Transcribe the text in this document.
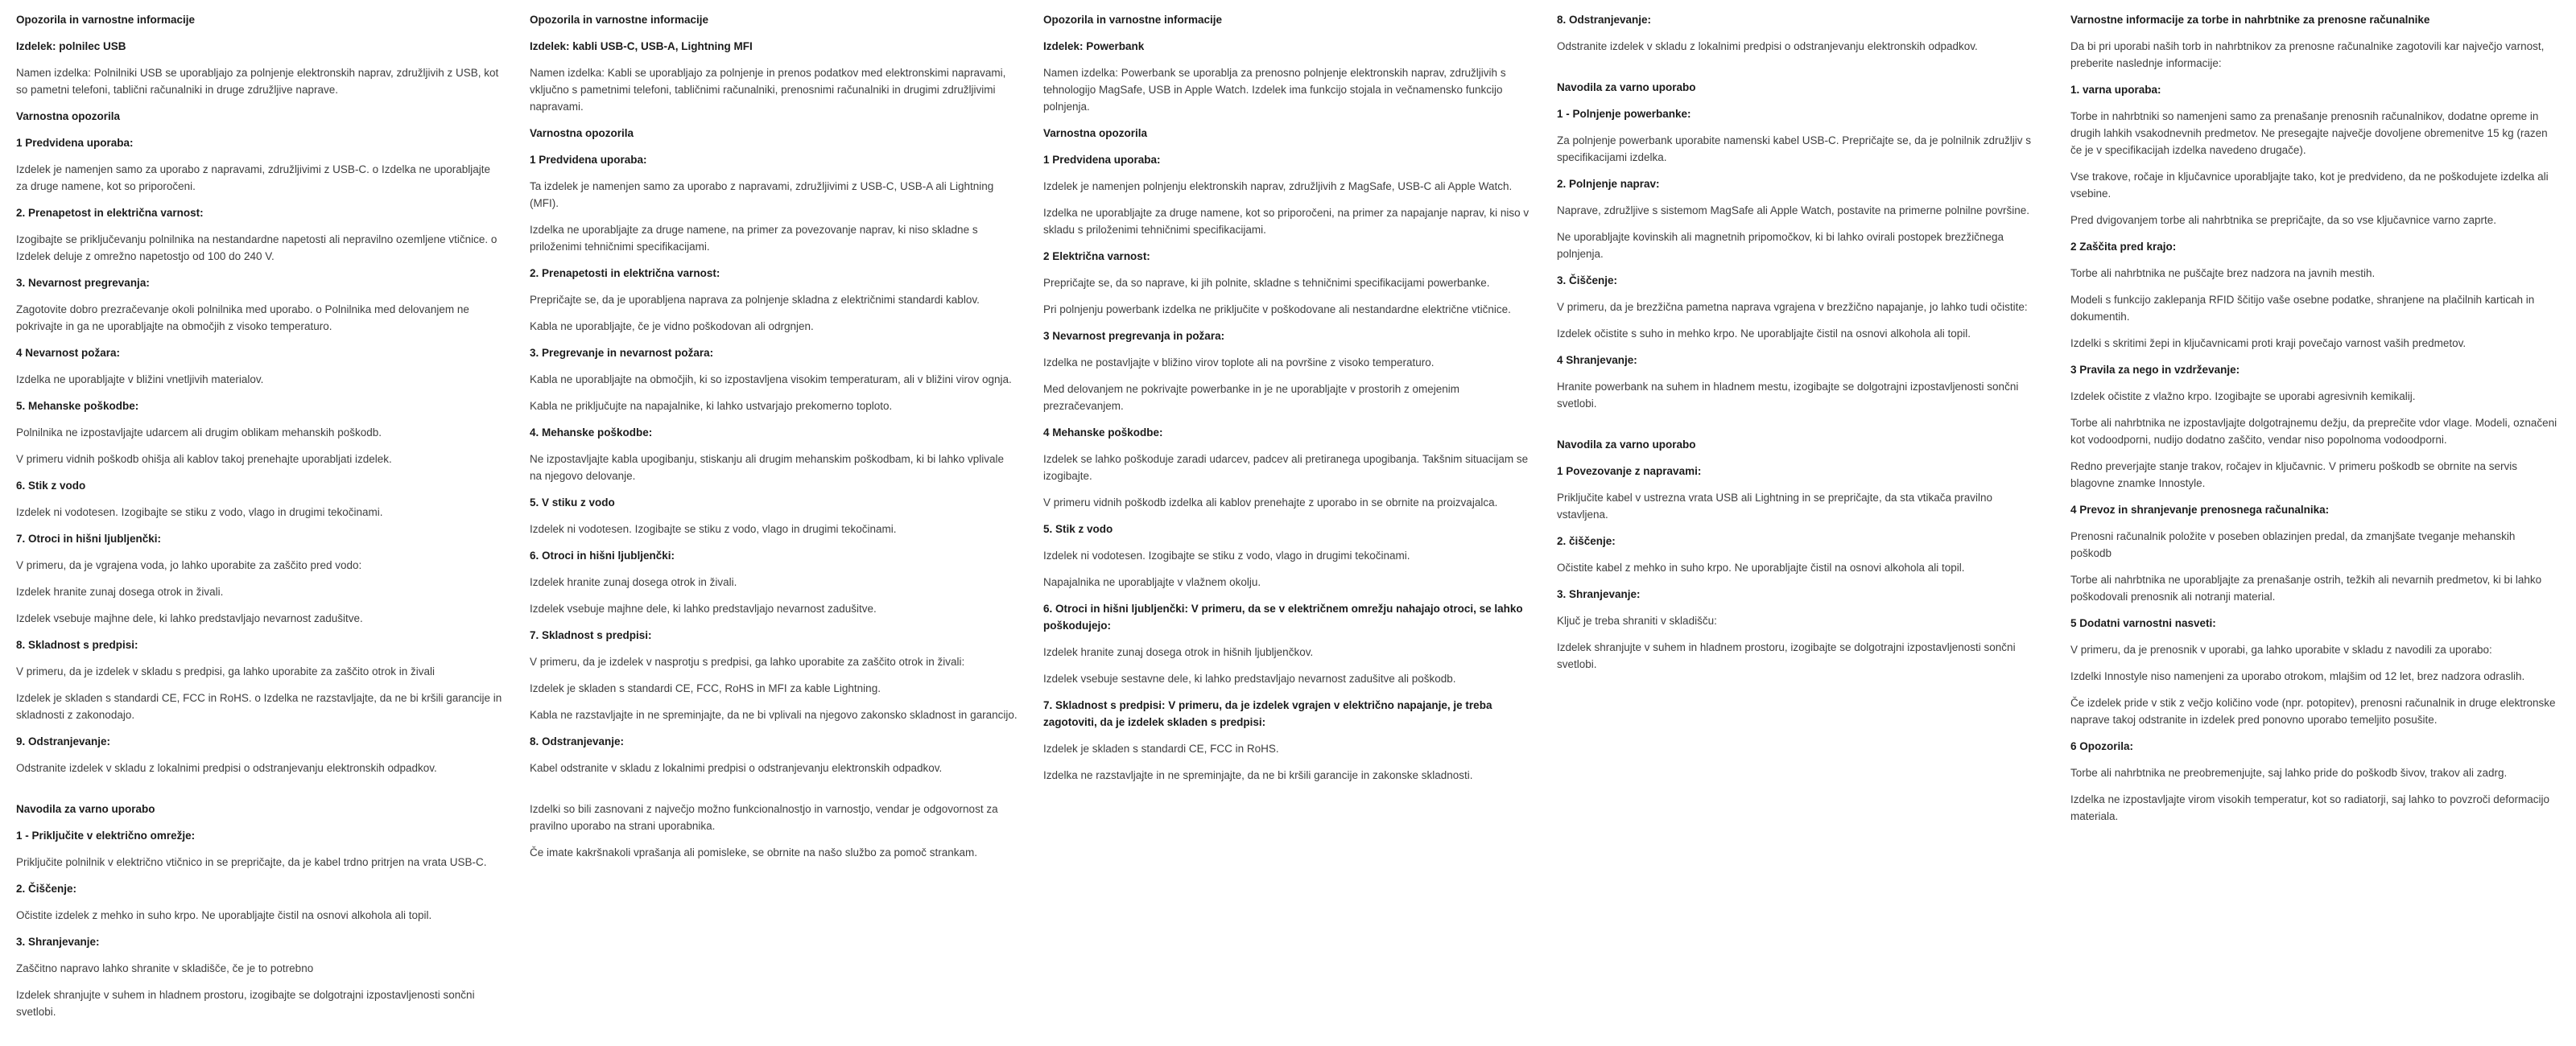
Opozorila in varnostne informacije
Izdelek: polnilec USB
Namen izdelka: Polnilniki USB se uporabljajo za polnjenje elektronskih naprav, združljivih z USB, kot so pametni telefoni, tablični računalniki in druge združljive naprave.
Varnostna opozorila
1 Predvidena uporaba:
Izdelek je namenjen samo za uporabo z napravami, združljivimi z USB-C. o Izdelka ne uporabljajte za druge namene, kot so priporočeni.
2. Prenapetost in električna varnost:
Izogibajte se priključevanju polnilnika na nestandardne napetosti ali nepravilno ozemljene vtičnice. o Izdelek deluje z omrežno napetostjo od 100 do 240 V.
3. Nevarnost pregrevanja:
Zagotovite dobro prezračevanje okoli polnilnika med uporabo. o Polnilnika med delovanjem ne pokrivajte in ga ne uporabljajte na območjih z visoko temperaturo.
4 Nevarnost požara:
Izdelka ne uporabljajte v bližini vnetljivih materialov.
5. Mehanske poškodbe:
Polnilnika ne izpostavljajte udarcem ali drugim oblikam mehanskih poškodb.
V primeru vidnih poškodb ohišja ali kablov takoj prenehajte uporabljati izdelek.
6. Stik z vodo
Izdelek ni vodotesen. Izogibajte se stiku z vodo, vlago in drugimi tekočinami.
7. Otroci in hišni ljubljenčki:
V primeru, da je vgrajena voda, jo lahko uporabite za zaščito pred vodo:
Izdelek hranite zunaj dosega otrok in živali.
Izdelek vsebuje majhne dele, ki lahko predstavljajo nevarnost zadušitve.
8. Skladnost s predpisi:
V primeru, da je izdelek v skladu s predpisi, ga lahko uporabite za zaščito otrok in živali
Izdelek je skladen s standardi CE, FCC in RoHS. o Izdelka ne razstavljajte, da ne bi kršili garancije in skladnosti z zakonodajo.
9. Odstranjevanje:
Odstranite izdelek v skladu z lokalnimi predpisi o odstranjevanju elektronskih odpadkov.
Navodila za varno uporabo
1 - Priključite v električno omrežje:
Priključite polnilnik v električno vtičnico in se prepričajte, da je kabel trdno pritrjen na vrata USB-C.
2. Čiščenje:
Očistite izdelek z mehko in suho krpo. Ne uporabljajte čistil na osnovi alkohola ali topil.
3. Shranjevanje:
Zaščitno napravo lahko shranite v skladišče, če je to potrebno
Izdelek shranjujte v suhem in hladnem prostoru, izogibajte se dolgotrajni izpostavljenosti sončni svetlobi.
Opozorila in varnostne informacije
Izdelek: kabli USB-C, USB-A, Lightning MFI
Namen izdelka: Kabli se uporabljajo za polnjenje in prenos podatkov med elektronskimi napravami, vključno s pametnimi telefoni, tabličnimi računalniki, prenosnimi računalniki in drugimi združljivimi napravami.
Varnostna opozorila
1 Predvidena uporaba:
Ta izdelek je namenjen samo za uporabo z napravami, združljivimi z USB-C, USB-A ali Lightning (MFI).
Izdelka ne uporabljajte za druge namene, na primer za povezovanje naprav, ki niso skladne s priloženimi tehničnimi specifikacijami.
2. Prenapetosti in električna varnost:
Prepričajte se, da je uporabljena naprava za polnjenje skladna z električnimi standardi kablov.
Kabla ne uporabljajte, če je vidno poškodovan ali odrgnjen.
3. Pregrevanje in nevarnost požara:
Kabla ne uporabljajte na območjih, ki so izpostavljena visokim temperaturam, ali v bližini virov ognja.
Kabla ne priključujte na napajalnike, ki lahko ustvarjajo prekomerno toploto.
4. Mehanske poškodbe:
Ne izpostavljajte kabla upogibanju, stiskanju ali drugim mehanskim poškodbam, ki bi lahko vplivale na njegovo delovanje.
5. V stiku z vodo
Izdelek ni vodotesen. Izogibajte se stiku z vodo, vlago in drugimi tekočinami.
6. Otroci in hišni ljubljenčki:
Izdelek hranite zunaj dosega otrok in živali.
Izdelek vsebuje majhne dele, ki lahko predstavljajo nevarnost zadušitve.
7. Skladnost s predpisi:
V primeru, da je izdelek v nasprotju s predpisi, ga lahko uporabite za zaščito otrok in živali:
Izdelek je skladen s standardi CE, FCC, RoHS in MFI za kable Lightning.
Kabla ne razstavljajte in ne spreminjajte, da ne bi vplivali na njegovo zakonsko skladnost in garancijo.
8. Odstranjevanje:
Kabel odstranite v skladu z lokalnimi predpisi o odstranjevanju elektronskih odpadkov.
Izdelki so bili zasnovani z največjo možno funkcionalnostjo in varnostjo, vendar je odgovornost za pravilno uporabo na strani uporabnika.
Če imate kakršnakoli vprašanja ali pomisleke, se obrnite na našo službo za pomoč strankam.
Opozorila in varnostne informacije
Izdelek: Powerbank
Namen izdelka: Powerbank se uporablja za prenosno polnjenje elektronskih naprav, združljivih s tehnologijo MagSafe, USB in Apple Watch. Izdelek ima funkcijo stojala in večnamensko funkcijo polnjenja.
Varnostna opozorila
1 Predvidena uporaba:
Izdelek je namenjen polnjenju elektronskih naprav, združljivih z MagSafe, USB-C ali Apple Watch.
Izdelka ne uporabljajte za druge namene, kot so priporočeni, na primer za napajanje naprav, ki niso v skladu s priloženimi tehničnimi specifikacijami.
2 Električna varnost:
Prepričajte se, da so naprave, ki jih polnite, skladne s tehničnimi specifikacijami powerbanke.
Pri polnjenju powerbank izdelka ne priključite v poškodovane ali nestandardne električne vtičnice.
3 Nevarnost pregrevanja in požara:
Izdelka ne postavljajte v bližino virov toplote ali na površine z visoko temperaturo.
Med delovanjem ne pokrivajte powerbanke in je ne uporabljajte v prostorih z omejenim prezračevanjem.
4 Mehanske poškodbe:
Izdelek se lahko poškoduje zaradi udarcev, padcev ali pretiranega upogibanja. Takšnim situacijam se izogibajte.
V primeru vidnih poškodb izdelka ali kablov prenehajte z uporabo in se obrnite na proizvajalca.
5. Stik z vodo
Izdelek ni vodotesen. Izogibajte se stiku z vodo, vlago in drugimi tekočinami.
Napajalnika ne uporabljajte v vlažnem okolju.
6. Otroci in hišni ljubljenčki: V primeru, da se v električnem omrežju nahajajo otroci, se lahko poškodujejo:
Izdelek hranite zunaj dosega otrok in hišnih ljubljenčkov.
Izdelek vsebuje sestavne dele, ki lahko predstavljajo nevarnost zadušitve ali poškodb.
7. Skladnost s predpisi: V primeru, da je izdelek vgrajen v električno napajanje, je treba zagotoviti, da je izdelek skladen s predpisi:
Izdelek je skladen s standardi CE, FCC in RoHS.
Izdelka ne razstavljajte in ne spreminjajte, da ne bi kršili garancije in zakonske skladnosti.
8. Odstranjevanje:
Odstranite izdelek v skladu z lokalnimi predpisi o odstranjevanju elektronskih odpadkov.
Navodila za varno uporabo
1 - Polnjenje powerbanke:
Za polnjenje powerbank uporabite namenski kabel USB-C. Prepričajte se, da je polnilnik združljiv s specifikacijami izdelka.
2. Polnjenje naprav:
Naprave, združljive s sistemom MagSafe ali Apple Watch, postavite na primerne polnilne površine.
Ne uporabljajte kovinskih ali magnetnih pripomočkov, ki bi lahko ovirali postopek brezžičnega polnjenja.
3. Čiščenje:
V primeru, da je brezžična pametna naprava vgrajena v brezžično napajanje, jo lahko tudi očistite:
Izdelek očistite s suho in mehko krpo. Ne uporabljajte čistil na osnovi alkohola ali topil.
4 Shranjevanje:
Hranite powerbank na suhem in hladnem mestu, izogibajte se dolgotrajni izpostavljenosti sončni svetlobi.
Navodila za varno uporabo
1 Povezovanje z napravami:
Priključite kabel v ustrezna vrata USB ali Lightning in se prepričajte, da sta vtikača pravilno vstavljena.
2. čiščenje:
Očistite kabel z mehko in suho krpo. Ne uporabljajte čistil na osnovi alkohola ali topil.
3. Shranjevanje:
Ključ je treba shraniti v skladišču:
Izdelek shranjujte v suhem in hladnem prostoru, izogibajte se dolgotrajni izpostavljenosti sončni svetlobi.
Varnostne informacije za torbe in nahrbtnike za prenosne računalnike
Da bi pri uporabi naših torb in nahrbtnikov za prenosne računalnike zagotovili kar največjo varnost, preberite naslednje informacije:
1. varna uporaba:
Torbe in nahrbtniki so namenjeni samo za prenašanje prenosnih računalnikov, dodatne opreme in drugih lahkih vsakodnevnih predmetov. Ne presegajte največje dovoljene obremenitve 15 kg (razen če je v specifikacijah izdelka navedeno drugače).
Vse trakove, ročaje in ključavnice uporabljajte tako, kot je predvideno, da ne poškodujete izdelka ali vsebine.
Pred dvigovanjem torbe ali nahrbtnika se prepričajte, da so vse ključavnice varno zaprte.
2 Zaščita pred krajo:
Torbe ali nahrbtnika ne puščajte brez nadzora na javnih mestih.
Modeli s funkcijo zaklepanja RFID ščitijo vaše osebne podatke, shranjene na plačilnih karticah in dokumentih.
Izdelki s skritimi žepi in ključavnicami proti kraji povečajo varnost vaših predmetov.
3 Pravila za nego in vzdrževanje:
Izdelek očistite z vlažno krpo. Izogibajte se uporabi agresivnih kemikalij.
Torbe ali nahrbtnika ne izpostavljajte dolgotrajnemu dežju, da preprečite vdor vlage. Modeli, označeni kot vodoodporni, nudijo dodatno zaščito, vendar niso popolnoma vodoodporni.
Redno preverjajte stanje trakov, ročajev in ključavnic. V primeru poškodb se obrnite na servis blagovne znamke Innostyle.
4 Prevoz in shranjevanje prenosnega računalnika:
Prenosni računalnik položite v poseben oblazinjen predal, da zmanjšate tveganje mehanskih poškodb
Torbe ali nahrbtnika ne uporabljajte za prenašanje ostrih, težkih ali nevarnih predmetov, ki bi lahko poškodovali prenosnik ali notranji material.
5 Dodatni varnostni nasveti:
V primeru, da je prenosnik v uporabi, ga lahko uporabite v skladu z navodili za uporabo:
Izdelki Innostyle niso namenjeni za uporabo otrokom, mlajšim od 12 let, brez nadzora odraslih.
Če izdelek pride v stik z večjo količino vode (npr. potopitev), prenosni računalnik in druge elektronske naprave takoj odstranite in izdelek pred ponovno uporabo temeljito posušite.
6 Opozorila:
Torbe ali nahrbtnika ne preobremenjujte, saj lahko pride do poškodb šivov, trakov ali zadrg.
Izdelka ne izpostavljajte virom visokih temperatur, kot so radiatorji, saj lahko to povzroči deformacijo materiala.
